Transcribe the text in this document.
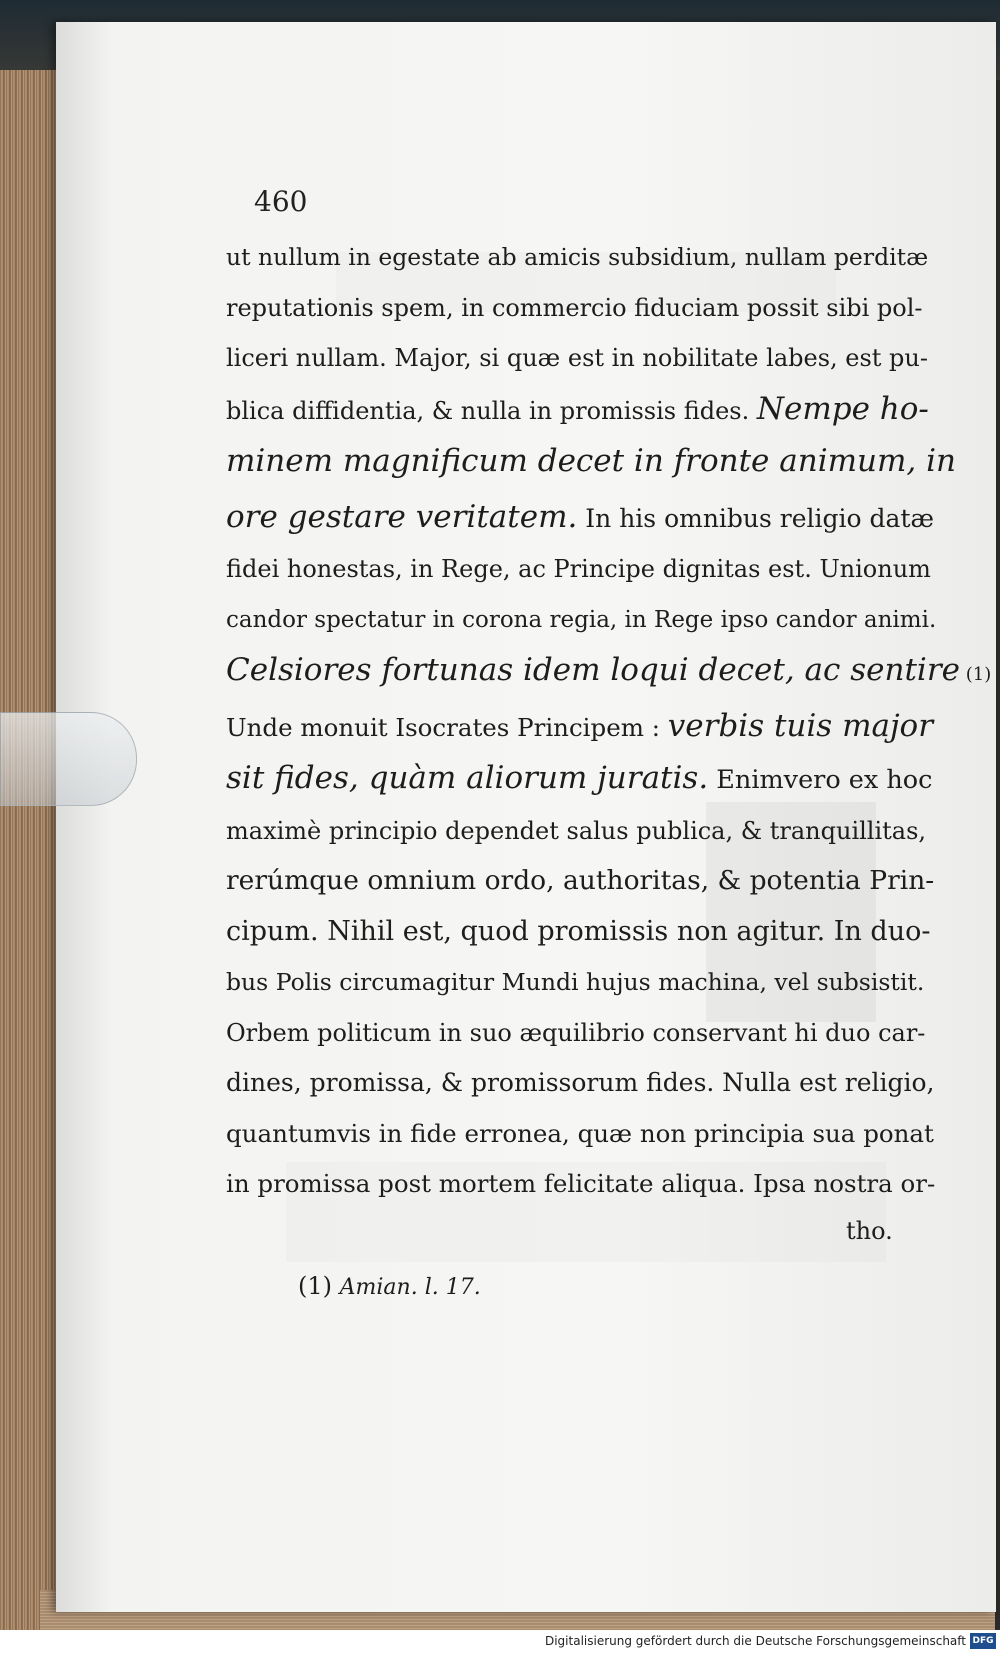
460
ut nullum in egestate ab amicis subsidium, nullam perditæ
reputationis spem, in commercio fiduciam possit sibi pol-
liceri nullam. Major, si quæ est in nobilitate labes, est pu-
blica diffidentia, & nulla in promissis fides. Nempe ho-
minem magnificum decet in fronte animum, in
ore gestare veritatem. In his omnibus religio datæ
fidei honestas, in Rege, ac Principe dignitas est. Unionum
candor spectatur in corona regia, in Rege ipso candor animi.
Celsiores fortunas idem loqui decet, ac sentire (1)
Unde monuit Isocrates Principem : verbis tuis major
sit fides, quàm aliorum juratis. Enimvero ex hoc
maximè principio dependet salus publica, & tranquillitas,
rerúmque omnium ordo, authoritas, & potentia Prin-
cipum. Nihil est, quod promissis non agitur. In duo-
bus Polis circumagitur Mundi hujus machina, vel subsistit.
Orbem politicum in suo æquilibrio conservant hi duo car-
dines, promissa, & promissorum fides. Nulla est religio,
quantumvis in fide erronea, quæ non principia sua ponat
in promissa post mortem felicitate aliqua. Ipsa nostra or-
tho.
(1) Amian. l. 17.
Digitalisierung gefördert durch die Deutsche Forschungsgemeinschaft DFG
